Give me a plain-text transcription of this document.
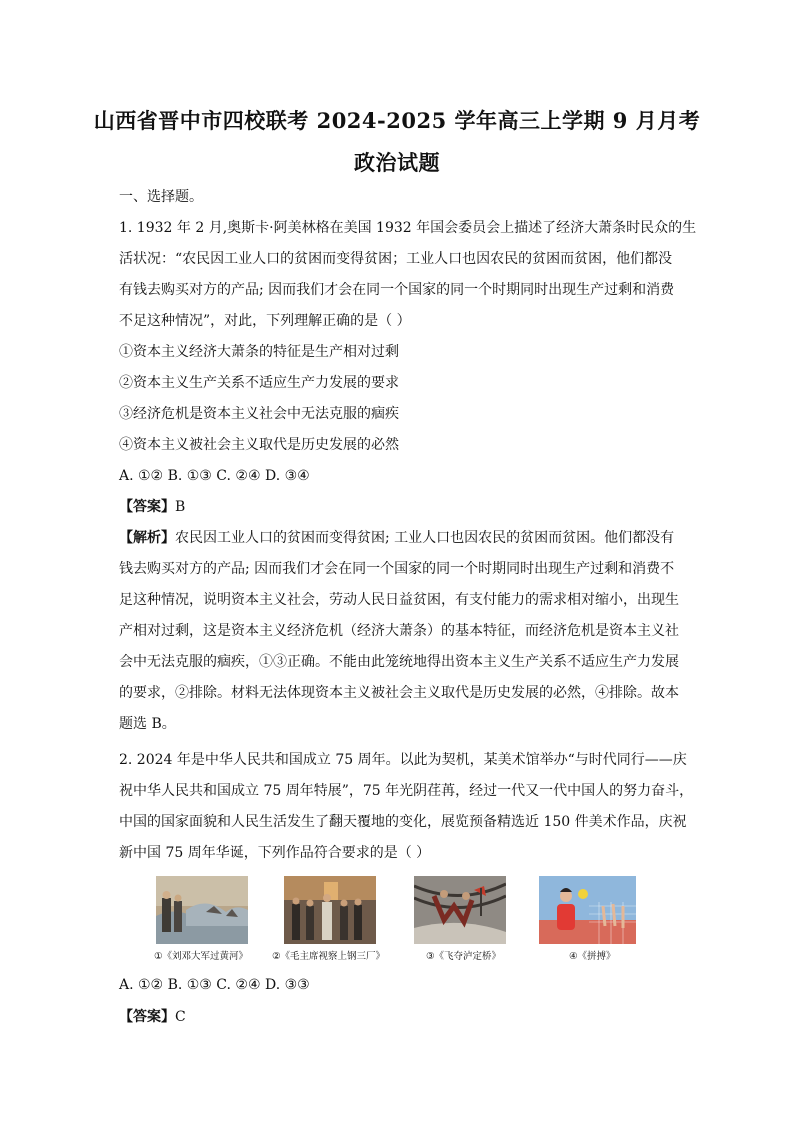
山西省晋中市四校联考 2024-2025 学年高三上学期 9 月月考
政治试题
一、选择题。
1. 1932 年 2 月,奥斯卡·阿美林格在美国 1932 年国会委员会上描述了经济大萧条时民众的生
活状况：“农民因工业人口的贫困而变得贫困；工业人口也因农民的贫困而贫困，他们都没
有钱去购买对方的产品; 因而我们才会在同一个国家的同一个时期同时出现生产过剩和消费
不足这种情况”，对此，下列理解正确的是（ ）
①资本主义经济大萧条的特征是生产相对过剩
②资本主义生产关系不适应生产力发展的要求
③经济危机是资本主义社会中无法克服的痼疾
④资本主义被社会主义取代是历史发展的必然
A. ①② B. ①③ C. ②④ D. ③④
【答案】B
【解析】农民因工业人口的贫困而变得贫困; 工业人口也因农民的贫困而贫困。他们都没有
钱去购买对方的产品; 因而我们才会在同一个国家的同一个时期同时出现生产过剩和消费不
足这种情况，说明资本主义社会，劳动人民日益贫困，有支付能力的需求相对缩小，出现生
产相对过剩，这是资本主义经济危机（经济大萧条）的基本特征，而经济危机是资本主义社
会中无法克服的痼疾，①③正确。不能由此笼统地得出资本主义生产关系不适应生产力发展
的要求，②排除。材料无法体现资本主义被社会主义取代是历史发展的必然，④排除。故本
题选 B。
2. 2024 年是中华人民共和国成立 75 周年。以此为契机，某美术馆举办“与时代同行——庆
祝中华人民共和国成立 75 周年特展”，75 年光阴荏苒，经过一代又一代中国人的努力奋斗，
中国的国家面貌和人民生活发生了翻天覆地的变化，展览预备精选近 150 件美术作品，庆祝
新中国 75 周年华诞，下列作品符合要求的是（ ）
A. ①② B. ①③ C. ②④ D. ③③
【答案】C
①《刘邓大军过黄河》	②《毛主席视察上钢三厂》	③《飞夺泸定桥》	④《拼搏》
